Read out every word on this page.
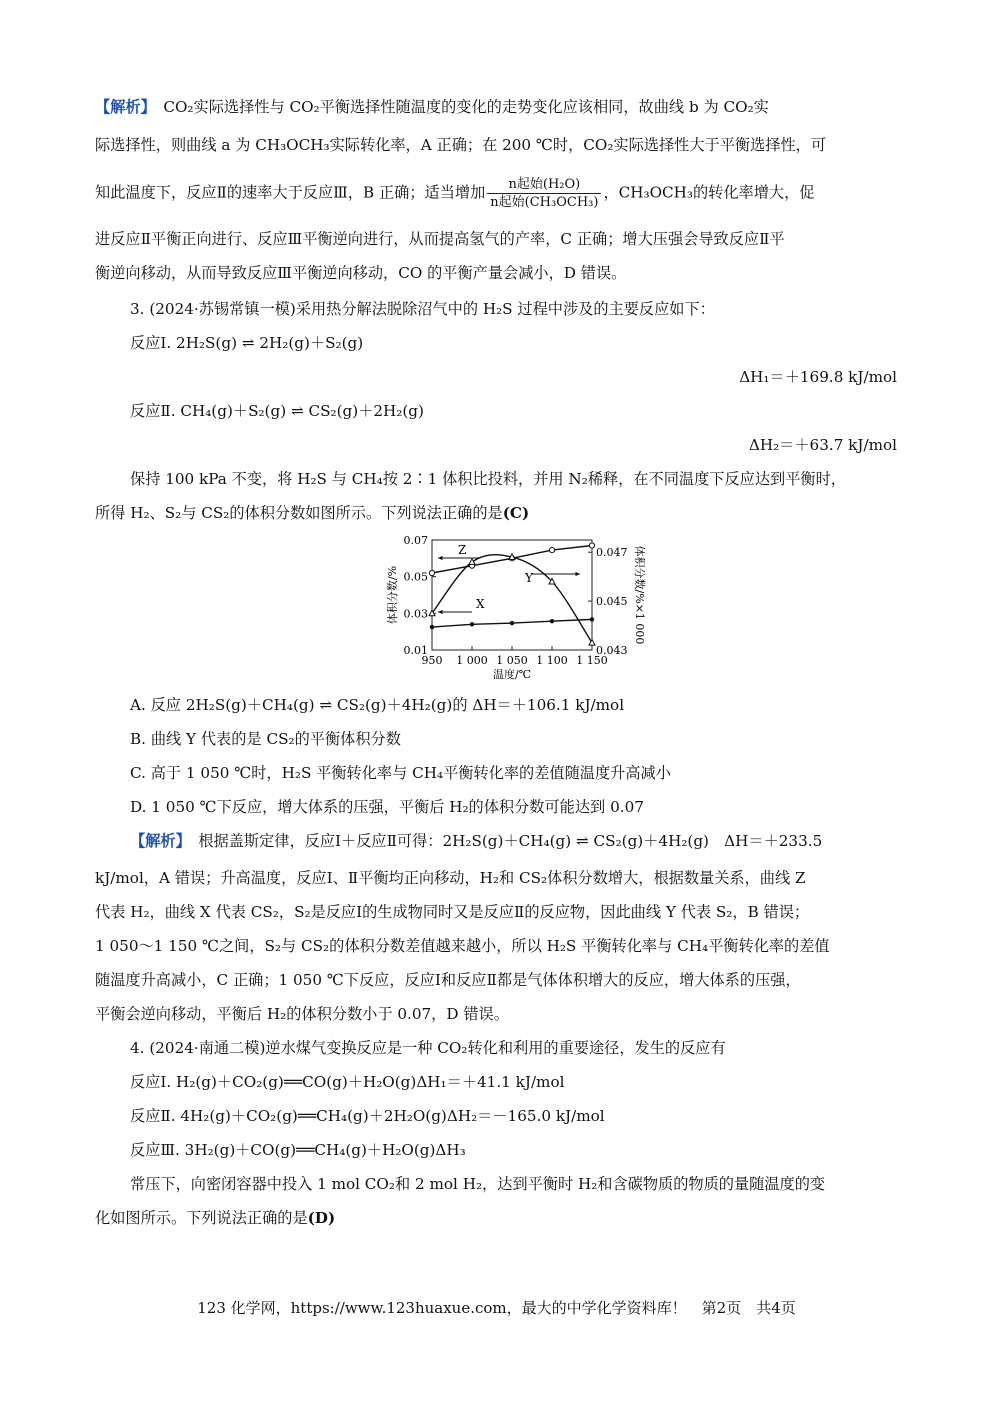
【解析】　 CO₂实际选择性与 CO₂平衡选择性随温度的变化的走势变化应该相同，故曲线 b 为 CO₂实
际选择性，则曲线 a 为 CH₃OCH₃实际转化率，A 正确；在 200 ℃时，CO₂实际选择性大于平衡选择性，可
知此温度下，反应Ⅱ的速率大于反应Ⅲ，B 正确；适当增加 $\frac{\text{n起始(H₂O)}}{\text{n起始(CH₃OCH₃)}}$ ，CH₃OCH₃的转化率增大，促
进反应Ⅱ平衡正向进行、反应Ⅲ平衡逆向进行，从而提高氢气的产率，C 正确；增大压强会导致反应Ⅱ平
衡逆向移动，从而导致反应Ⅲ平衡逆向移动，CO 的平衡产量会减小，D 错误。
3. (2024·苏锡常镇一模)采用热分解法脱除沼气中的 H₂S 过程中涉及的主要反应如下：
反应Ⅰ. 2H₂S(g) ⇌ 2H₂(g)＋S₂(g)
ΔH₁＝＋169.8 kJ/mol
反应Ⅱ. CH₄(g)＋S₂(g) ⇌ CS₂(g)＋2H₂(g)
ΔH₂＝＋63.7 kJ/mol
保持 100 kPa 不变，将 H₂S 与 CH₄按 2∶1 体积比投料，并用 N₂稀释，在不同温度下反应达到平衡时，
所得 H₂、S₂与 CS₂的体积分数如图所示。下列说法正确的是(C)
950 1 000 1 050 1 100 1 150
0.01
0.03
0.05
0.07
0.043
0.045
0.047
温度/℃
体积分数/%	体积分数/%×1 000
Z
Y
X
A. 反应 2H₂S(g)＋CH₄(g) ⇌ CS₂(g)＋4H₂(g)的 ΔH＝＋106.1 kJ/mol
B. 曲线 Y 代表的是 CS₂的平衡体积分数
C. 高于 1 050 ℃时，H₂S 平衡转化率与 CH₄平衡转化率的差值随温度升高减小
D. 1 050 ℃下反应，增大体系的压强，平衡后 H₂的体积分数可能达到 0.07
【解析】　 根据盖斯定律，反应Ⅰ＋反应Ⅱ可得：2H₂S(g)＋CH₄(g) ⇌ CS₂(g)＋4H₂(g)　ΔH＝＋233.5
kJ/mol，A 错误；升高温度，反应Ⅰ、Ⅱ平衡均正向移动，H₂和 CS₂体积分数增大，根据数量关系，曲线 Z
代表 H₂，曲线 X 代表 CS₂，S₂是反应Ⅰ的生成物同时又是反应Ⅱ的反应物，因此曲线 Y 代表 S₂，B 错误；
1 050～1 150 ℃之间，S₂与 CS₂的体积分数差值越来越小，所以 H₂S 平衡转化率与 CH₄平衡转化率的差值
随温度升高减小，C 正确；1 050 ℃下反应，反应Ⅰ和反应Ⅱ都是气体体积增大的反应，增大体系的压强，
平衡会逆向移动，平衡后 H₂的体积分数小于 0.07，D 错误。
4. (2024·南通二模)逆水煤气变换反应是一种 CO₂转化和利用的重要途径，发生的反应有
反应Ⅰ. H₂(g)＋CO₂(g)══CO(g)＋H₂O(g)ΔH₁＝＋41.1 kJ/mol
反应Ⅱ. 4H₂(g)＋CO₂(g)══CH₄(g)＋2H₂O(g)ΔH₂＝－165.0 kJ/mol
反应Ⅲ. 3H₂(g)＋CO(g)══CH₄(g)＋H₂O(g)ΔH₃
常压下，向密闭容器中投入 1 mol CO₂和 2 mol H₂，达到平衡时 H₂和含碳物质的物质的量随温度的变
化如图所示。下列说法正确的是(D)
123 化学网，https://www.123huaxue.com，最大的中学化学资料库！　第2页　共4页
